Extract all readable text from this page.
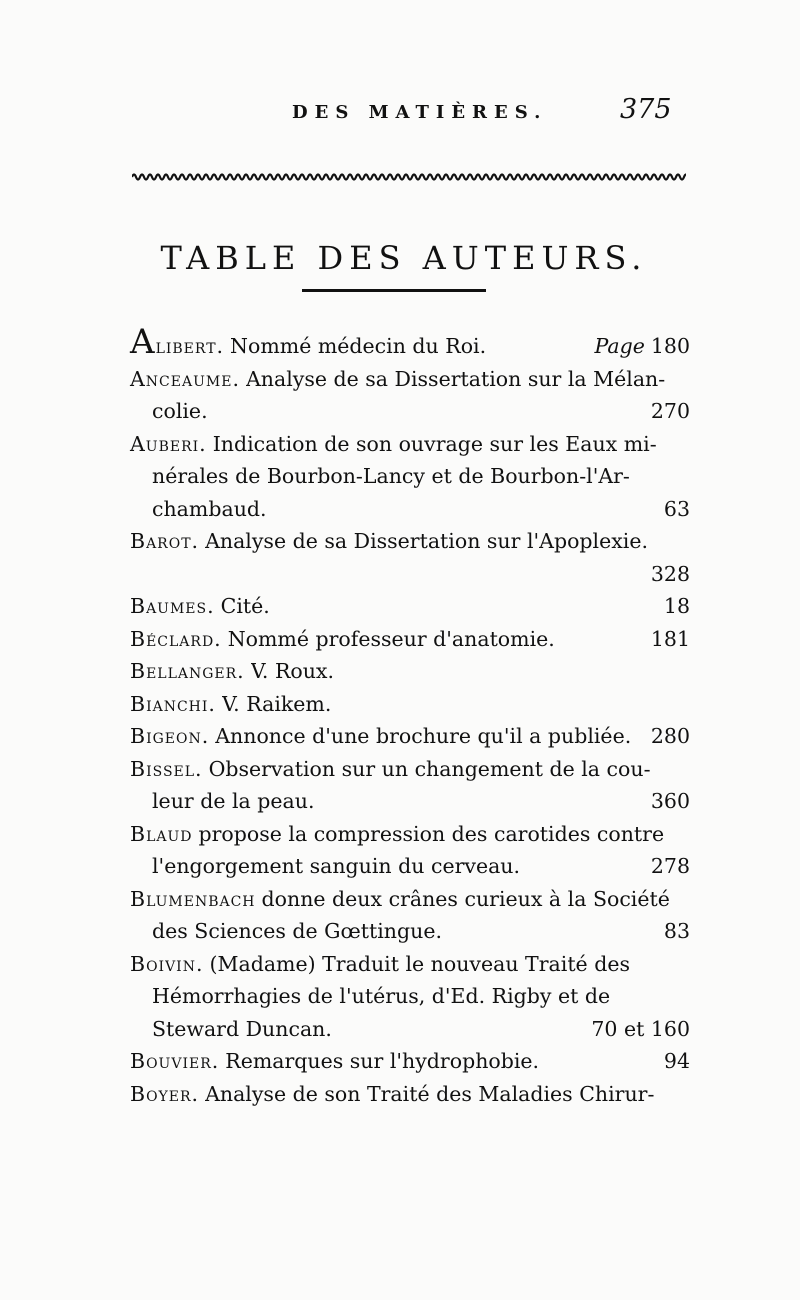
DES MATIÈRES.	375
TABLE DES AUTEURS.
Alibert. Nommé médecin du Roi.	Page 180
Anceaume. Analyse de sa Dissertation sur la Mélan-
colie.	270
Auberi. Indication de son ouvrage sur les Eaux mi-
nérales de Bourbon-Lancy et de Bourbon-l'Ar-
chambaud.	63
Barot. Analyse de sa Dissertation sur l'Apoplexie.
328
Baumes. Cité.	18
Béclard. Nommé professeur d'anatomie.	181
Bellanger. V. Roux.
Bianchi. V. Raikem.
Bigeon. Annonce d'une brochure qu'il a publiée. 280
Bissel. Observation sur un changement de la cou-
leur de la peau.	360
Blaud propose la compression des carotides contre
l'engorgement sanguin du cerveau.	278
Blumenbach donne deux crânes curieux à la Société
des Sciences de Gœttingue.	83
Boivin. (Madame) Traduit le nouveau Traité des
Hémorrhagies de l'utérus, d'Ed. Rigby et de
Steward Duncan.	70 et 160
Bouvier. Remarques sur l'hydrophobie.	94
Boyer. Analyse de son Traité des Maladies Chirur-
